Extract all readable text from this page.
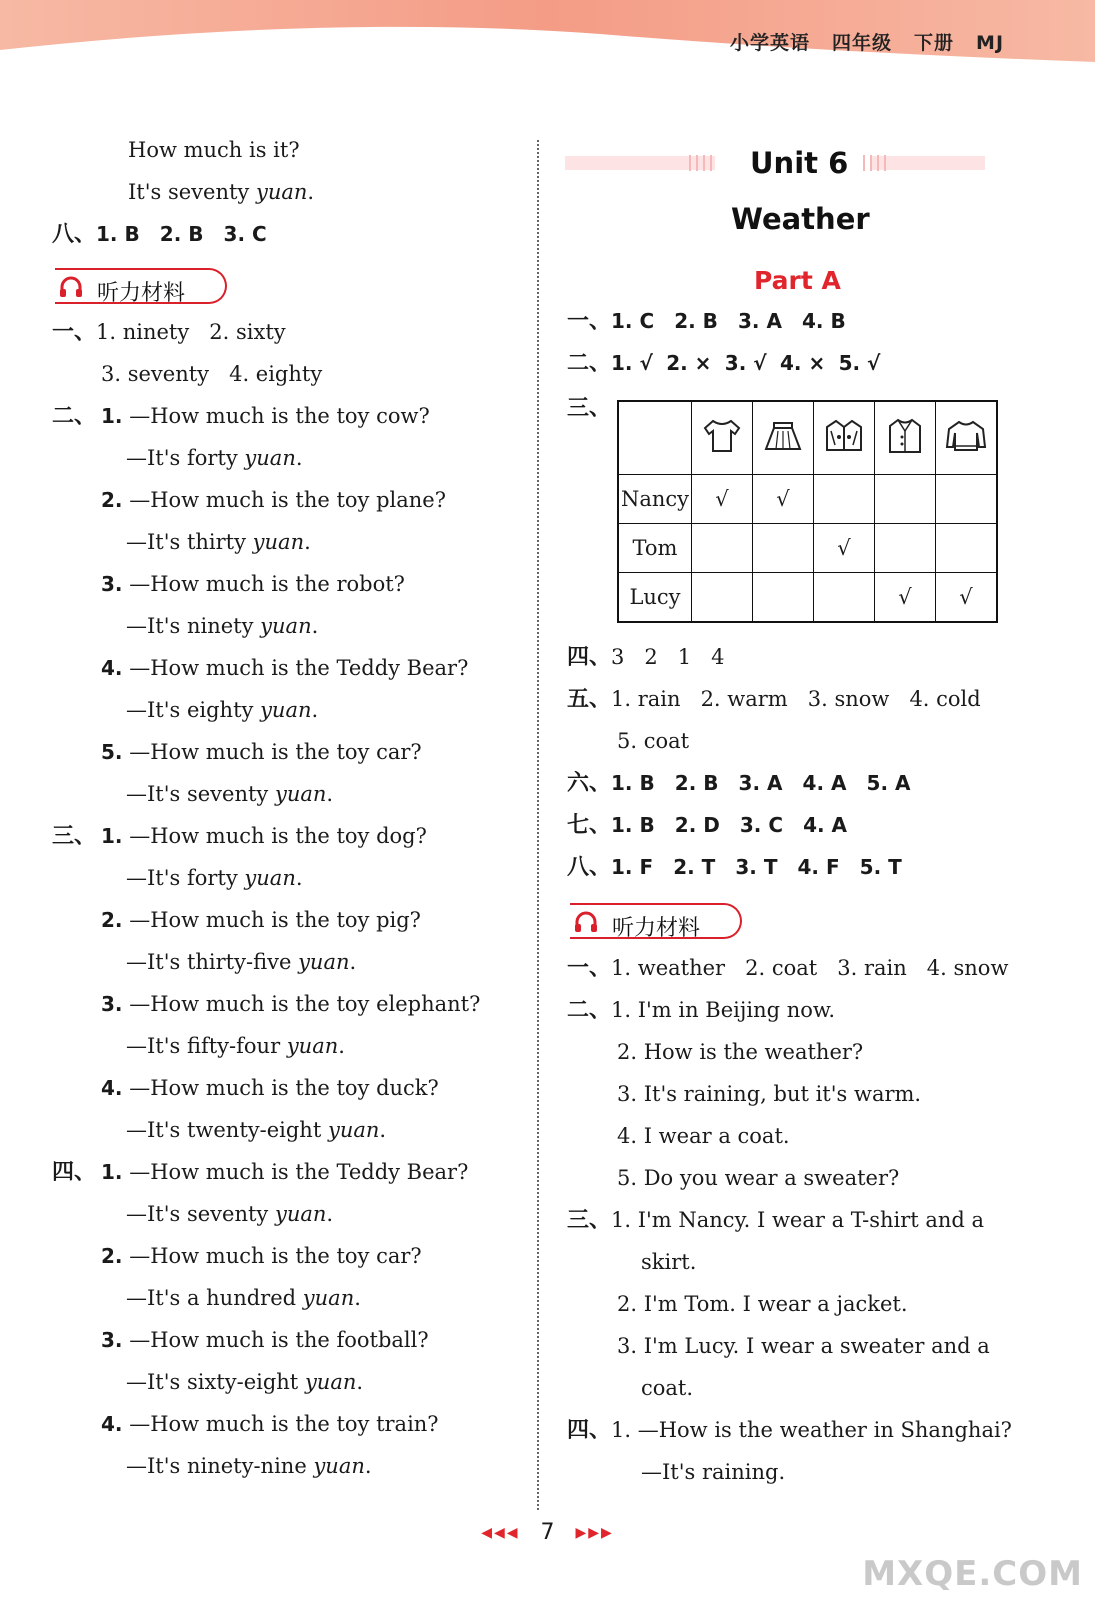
小学英语 四年级 下册 MJ
How much is it?
It's seventy yuan.
八、1. B 2. B 3. C
听力材料
一、1. ninety 2. sixty
3. seventy 4. eighty
二、 1. —How much is the toy cow?
—It's forty yuan.
2. —How much is the toy plane?
—It's thirty yuan.
3. —How much is the robot?
—It's ninety yuan.
4. —How much is the Teddy Bear?
—It's eighty yuan.
5. —How much is the toy car?
—It's seventy yuan.
三、 1. —How much is the toy dog?
—It's forty yuan.
2. —How much is the toy pig?
—It's thirty-five yuan.
3. —How much is the toy elephant?
—It's fifty-four yuan.
4. —How much is the toy duck?
—It's twenty-eight yuan.
四、 1. —How much is the Teddy Bear?
—It's seventy yuan.
2. —How much is the toy car?
—It's a hundred yuan.
3. —How much is the football?
—It's sixty-eight yuan.
4. —How much is the toy train?
—It's ninety-nine yuan.
Unit 6
Weather
Part A
一、1. C 2. B 3. A 4. B
二、1. √ 2. × 3. √ 4. × 5. √
三、

Nancy	√	√			
Tom			√		
Lucy				√	√
四、3   2   1   4
五、1. rain 2. warm 3. snow 4. cold
5. coat
六、1. B 2. B 3. A 4. A 5. A
七、1. B 2. D 3. C 4. A
八、1. F 2. T 3. T 4. F 5. T
听力材料
一、1. weather 2. coat 3. rain 4. snow
二、1. I'm in Beijing now.
2. How is the weather?
3. It's raining, but it's warm.
4. I wear a coat.
5. Do you wear a sweater?
三、1. I'm Nancy. I wear a T-shirt and a
skirt.
2. I'm Tom. I wear a jacket.
3. I'm Lucy. I wear a sweater and a
coat.
四、1. —How is the weather in Shanghai?
—It's raining.
◀◀◀ 7 ▶▶▶
MXQE.COM
